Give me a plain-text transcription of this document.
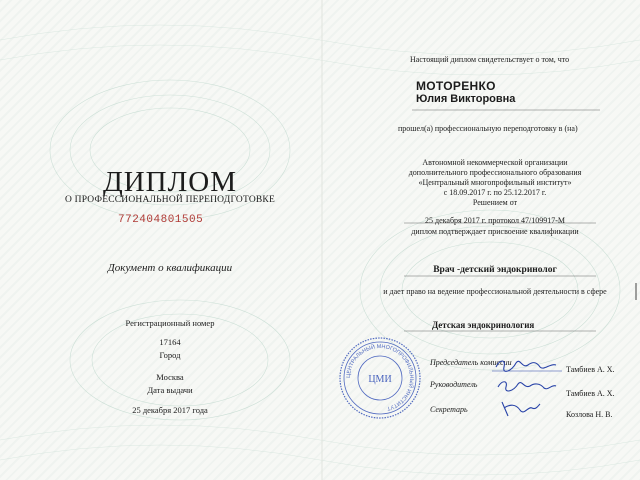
ДИПЛОМ
О ПРОФЕССИОНАЛЬНОЙ ПЕРЕПОДГОТОВКЕ
772404801505
Документ о квалификации
Регистрационный номер
17164
Город
Москва
Дата выдачи
25 декабря 2017 года
Настоящий диплом свидетельствует о том, что
МОТОРЕНКО
Юлия Викторовна
прошел(а) профессиональную переподготовку в (на)
Автономной некоммерческой организации
дополнительного профессионального образования
«Центральный многопрофильный институт»
с 18.09.2017 г. по 25.12.2017 г.
Решением от
25 декабря 2017 г. протокол 47/109917-М
диплом подтверждает присвоение квалификации
Врач -детский эндокринолог
и дает право на ведение профессиональной деятельности в сфере
Детская эндокринология
ЦЕНТРАЛЬНЫЙ МНОГОПРОФИЛЬНЫЙ ИНСТИТУТ
ЦМИ
Председатель комиссии
Тамбиев А. Х.
Руководитель
Тамбиев А. Х.
Секретарь
Козлова Н. В.
